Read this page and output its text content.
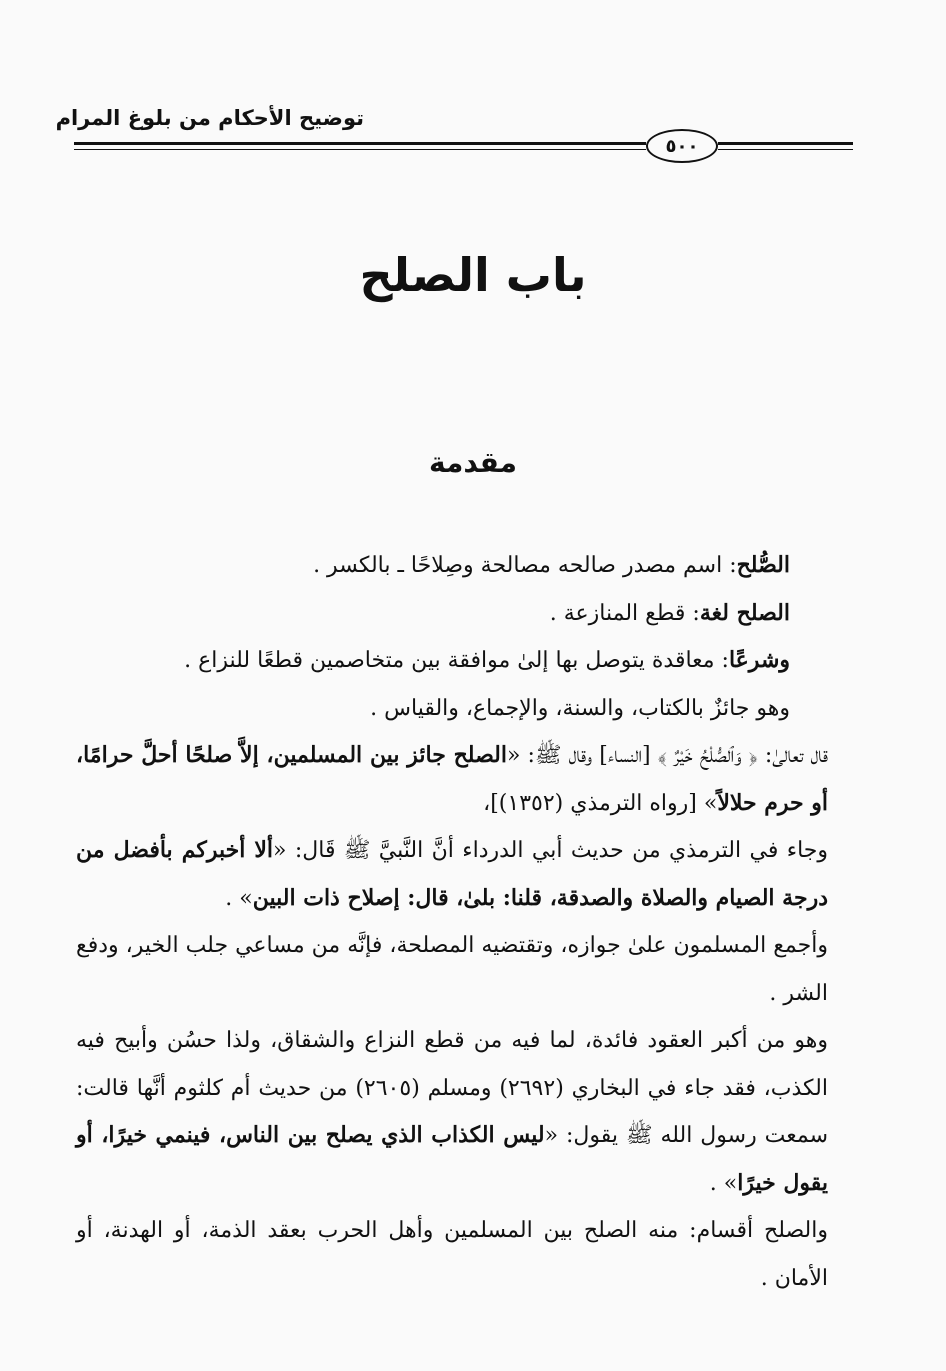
توضيح الأحكام من بلوغ المرام
٥٠٠
باب الصلح
مقدمة

الصُّلح: اسم مصدر صالحه مصالحة وصِلاحًا ـ بالكسر .

الصلح لغة: قطع المنازعة .

وشرعًا: معاقدة يتوصل بها إلىٰ موافقة بين متخاصمين قطعًا للنزاع .

وهو جائزٌ بالكتاب، والسنة، والإجماع، والقياس .

قال تعالىٰ: ﴿ وَٱلصُّلْحُ خَيْرٌ ﴾ [النساء] وقال ﷺ: «الصلح جائز بين المسلمين، إلاَّ صلحًا أحلَّ حرامًا، أو حرم حلالاً» [رواه الترمذي (١٣٥٢)]،

وجاء في الترمذي من حديث أبي الدرداء أنَّ النَّبيَّ ﷺ قَال: «ألا أخبركم بأفضل من درجة الصيام والصلاة والصدقة، قلنا: بلىٰ، قال: إصلاح ذات البين» .

وأجمع المسلمون علىٰ جوازه، وتقتضيه المصلحة، فإنَّه من مساعي جلب الخير، ودفع الشر .

وهو من أكبر العقود فائدة، لما فيه من قطع النزاع والشقاق، ولذا حسُن وأبيح فيه الكذب، فقد جاء في البخاري (٢٦٩٢) ومسلم (٢٦٠٥) من حديث أم كلثوم أنَّها قالت: سمعت رسول الله ﷺ يقول: «ليس الكذاب الذي يصلح بين الناس، فينمي خيرًا، أو يقول خيرًا» .

والصلح أقسام: منه الصلح بين المسلمين وأهل الحرب بعقد الذمة، أو الهدنة، أو الأمان .
